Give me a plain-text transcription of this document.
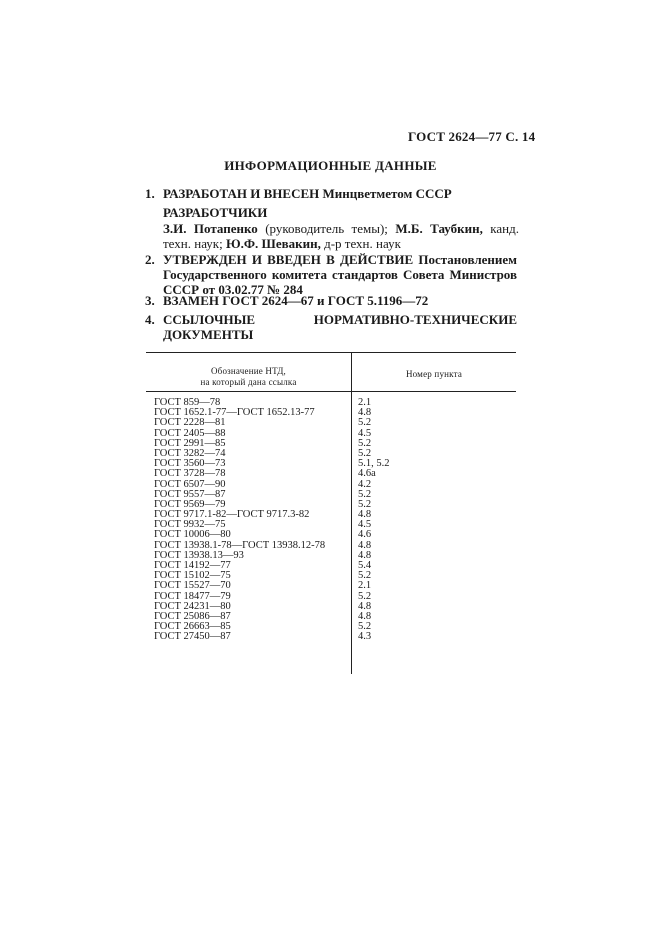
ГОСТ 2624—77 С. 14
ИНФОРМАЦИОННЫЕ ДАННЫЕ
1. РАЗРАБОТАН И ВНЕСЕН Минцветметом СССР
РАЗРАБОТЧИКИ
З.И. Потапенко (руководитель темы); М.Б. Таубкин, канд. техн. наук; Ю.Ф. Шевакин, д-р техн. наук
2. УТВЕРЖДЕН И ВВЕДЕН В ДЕЙСТВИЕ Постановлением Государственного комитета стандартов Совета Министров СССР от 03.02.77 № 284
3. ВЗАМЕН ГОСТ 2624—67 и ГОСТ 5.1196—72
4. ССЫЛОЧНЫЕ НОРМАТИВНО-ТЕХНИЧЕСКИЕ ДОКУМЕНТЫ
Обозначение НТД,
на который дана ссылка
Номер пункта
ГОСТ 859—78	2.1
ГОСТ 1652.1-77—ГОСТ 1652.13-77	4.8
ГОСТ 2228—81	5.2
ГОСТ 2405—88	4.5
ГОСТ 2991—85	5.2
ГОСТ 3282—74	5.2
ГОСТ 3560—73	5.1, 5.2
ГОСТ 3728—78	4.6а
ГОСТ 6507—90	4.2
ГОСТ 9557—87	5.2
ГОСТ 9569—79	5.2
ГОСТ 9717.1-82—ГОСТ 9717.3-82	4.8
ГОСТ 9932—75	4.5
ГОСТ 10006—80	4.6
ГОСТ 13938.1-78—ГОСТ 13938.12-78	4.8
ГОСТ 13938.13—93	4.8
ГОСТ 14192—77	5.4
ГОСТ 15102—75	5.2
ГОСТ 15527—70	2.1
ГОСТ 18477—79	5.2
ГОСТ 24231—80	4.8
ГОСТ 25086—87	4.8
ГОСТ 26663—85	5.2
ГОСТ 27450—87	4.3
